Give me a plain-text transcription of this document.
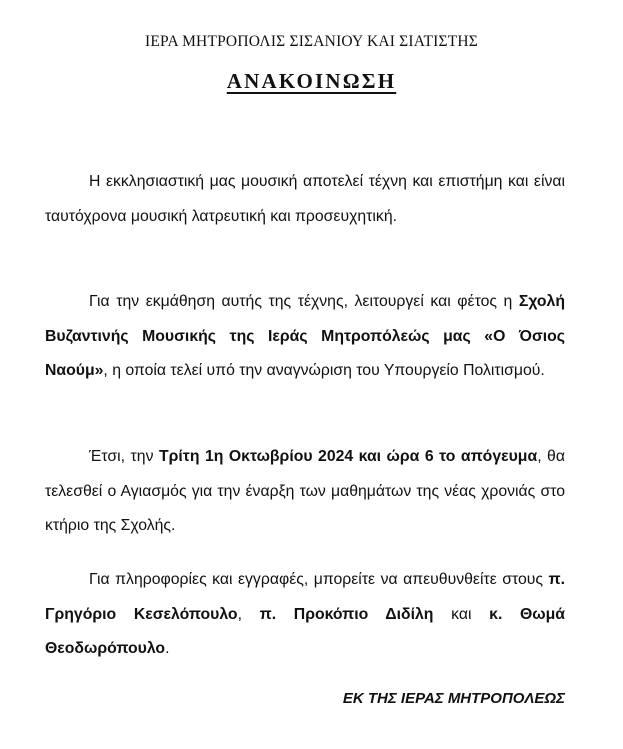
ΙΕΡΑ ΜΗΤΡΟΠΟΛΙΣ ΣΙΣΑΝΙΟΥ ΚΑΙ ΣΙΑΤΙΣΤΗΣ
ΑΝΑΚΟΙΝΩΣΗ

Η εκκλησιαστική μας μουσική αποτελεί τέχνη και επιστήμη και είναι ταυτόχρονα μουσική λατρευτική και προσευχητική.

Για την εκμάθηση αυτής της τέχνης, λειτουργεί και φέτος η Σχολή Βυζαντινής Μουσικής της Ιεράς Μητροπόλεώς μας «Ο Όσιος Ναούμ», η οποία τελεί υπό την αναγνώριση του Υπουργείο Πολιτισμού.

Έτσι, την Τρίτη 1η Οκτωβρίου 2024 και ώρα 6 το απόγευμα, θα τελεσθεί ο Αγιασμός για την έναρξη των μαθημάτων της νέας χρονιάς στο κτήριο της Σχολής.

Για πληροφορίες και εγγραφές, μπορείτε να απευθυνθείτε στους π. Γρηγόριο Κεσελόπουλο, π. Προκόπιο Διδίλη και κ. Θωμά Θεοδωρόπουλο.

ΕΚ ΤΗΣ ΙΕΡΑΣ ΜΗΤΡΟΠΟΛΕΩΣ
